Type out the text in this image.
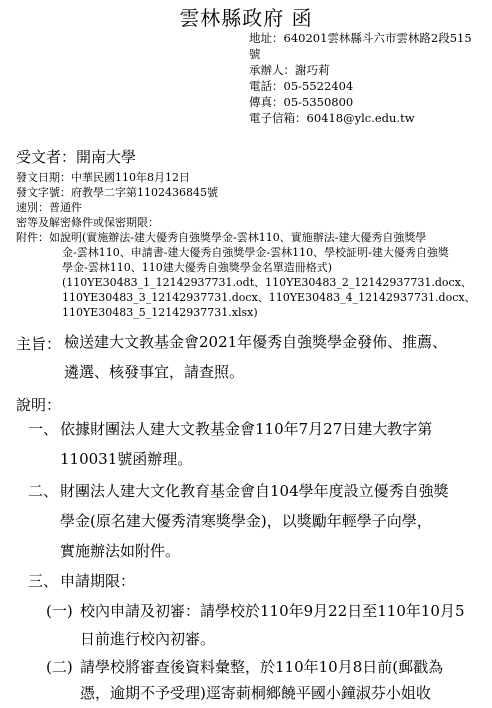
雲林縣政府 函
地址：640201雲林縣斗六市雲林路2段515
號
承辦人：謝巧莉
電話：05-5522404
傳真：05-5350800
電子信箱：60418@ylc.edu.tw
受文者：開南大學
發文日期：中華民國110年8月12日
發文字號：府教學二字第1102436845號
速別：普通件
密等及解密條件或保密期限：
附件：如說明(實施辦法-建大優秀自強獎學金-雲林110、實施辦法-建大優秀自強獎學
金-雲林110、申請書-建大優秀自強獎學金-雲林110、學校証明-建大優秀自強獎
學金-雲林110、110建大優秀自強獎學金名單造冊格式)
(110YE30483_1_12142937731.odt、110YE30483_2_12142937731.docx、
110YE30483_3_12142937731.docx、110YE30483_4_12142937731.docx、
110YE30483_5_12142937731.xlsx)
主旨： 檢送建大文教基金會2021年優秀自強獎學金發佈、推薦、
遴選、核發事宜，請查照。
說明：
一、 依據財團法人建大文教基金會110年7月27日建大教字第
110031號函辦理。
二、 財團法人建大文化教育基金會自104學年度設立優秀自強獎
學金(原名建大優秀清寒獎學金)，以獎勵年輕學子向學，
實施辦法如附件。
三、 申請期限：
(一) 校內申請及初審：請學校於110年9月22日至110年10月5
日前進行校內初審。
(二) 請學校將審查後資料彙整，於110年10月8日前(郵戳為
憑，逾期不予受理)逕寄莿桐鄉饒平國小鐘淑芬小姐收
